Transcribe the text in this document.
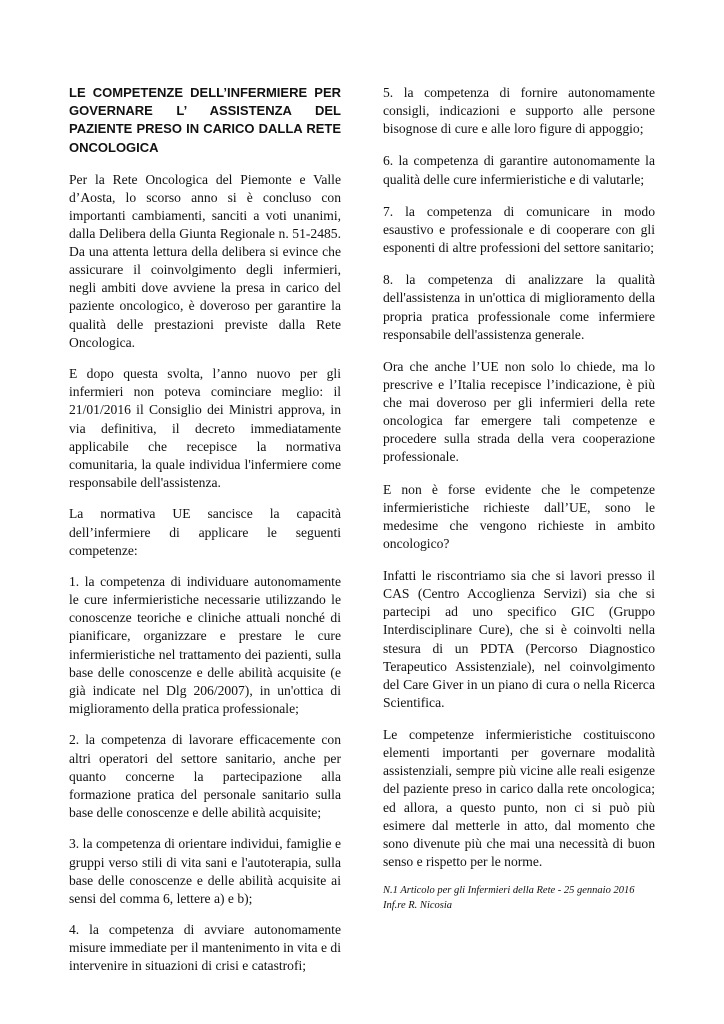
LE COMPETENZE DELL’INFERMIERE PER GOVERNARE L’ ASSISTENZA DEL PAZIENTE PRESO IN CARICO DALLA RETE ONCOLOGICA
Per la Rete Oncologica del Piemonte e Valle d’Aosta, lo scorso anno si è concluso con importanti cambiamenti, sanciti a voti unanimi, dalla Delibera della Giunta Regionale n. 51-2485. Da una attenta lettura della delibera si evince che assicurare il coinvolgimento degli infermieri, negli ambiti dove avviene la presa in carico del paziente oncologico, è doveroso per garantire la qualità delle prestazioni previste dalla Rete Oncologica.
E dopo questa svolta, l’anno nuovo per gli infermieri non poteva cominciare meglio: il 21/01/2016 il Consiglio dei Ministri approva, in via definitiva, il decreto immediatamente applicabile che recepisce la normativa comunitaria, la quale individua l'infermiere come responsabile dell'assistenza.
La normativa UE sancisce la capacità dell’infermiere di applicare le seguenti competenze:
1. la competenza di individuare autonomamente le cure infermieristiche necessarie utilizzando le conoscenze teoriche e cliniche attuali nonché di pianificare, organizzare e prestare le cure infermieristiche nel trattamento dei pazienti, sulla base delle conoscenze e delle abilità acquisite (e già indicate nel Dlg 206/2007), in un'ottica di miglioramento della pratica professionale;
2. la competenza di lavorare efficacemente con altri operatori del settore sanitario, anche per quanto concerne la partecipazione alla formazione pratica del personale sanitario sulla base delle conoscenze e delle abilità acquisite;
3. la competenza di orientare individui, famiglie e gruppi verso stili di vita sani e l'autoterapia, sulla base delle conoscenze e delle abilità acquisite ai sensi del comma 6, lettere a) e b);
4. la competenza di avviare autonomamente misure immediate per il mantenimento in vita e di intervenire in situazioni di crisi e catastrofi;
5. la competenza di fornire autonomamente consigli, indicazioni e supporto alle persone bisognose di cure e alle loro figure di appoggio;
6. la competenza di garantire autonomamente la qualità delle cure infermieristiche e di valutarle;
7. la competenza di comunicare in modo esaustivo e professionale e di cooperare con gli esponenti di altre professioni del settore sanitario;
8. la competenza di analizzare la qualità dell'assistenza in un'ottica di miglioramento della propria pratica professionale come infermiere responsabile dell'assistenza generale.
Ora che anche l’UE non solo lo chiede, ma lo prescrive e l’Italia recepisce l’indicazione, è più che mai doveroso per gli infermieri della rete oncologica far emergere tali competenze e procedere sulla strada della vera cooperazione professionale.
E non è forse evidente che le competenze infermieristiche richieste dall’UE, sono le medesime che vengono richieste in ambito oncologico?
Infatti le riscontriamo sia che si lavori presso il CAS (Centro Accoglienza Servizi) sia che si partecipi ad uno specifico GIC (Gruppo Interdisciplinare Cure), che si è coinvolti nella stesura di un PDTA (Percorso Diagnostico Terapeutico Assistenziale), nel coinvolgimento del Care Giver in un piano di cura o nella Ricerca Scientifica.
Le competenze infermieristiche costituiscono elementi importanti per governare modalità assistenziali, sempre più vicine alle reali esigenze del paziente preso in carico dalla rete oncologica; ed allora, a questo punto, non ci si può più esimere dal metterle in atto, dal momento che sono divenute più che mai una necessità di buon senso e rispetto per le norme.
N.1 Articolo per gli Infermieri della Rete - 25 gennaio 2016
Inf.re R. Nicosia
